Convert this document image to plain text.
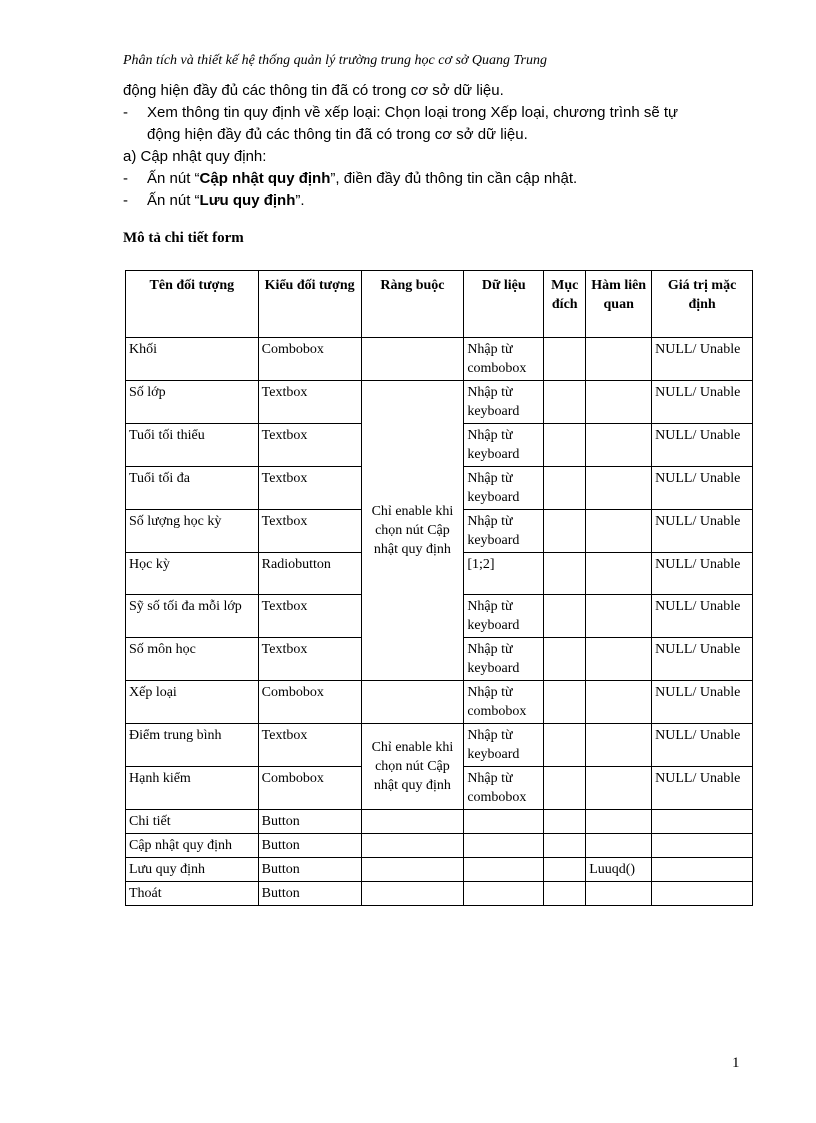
Phân tích và thiết kế hệ thống quản lý trường trung học cơ sở Quang Trung
động hiện đầy đủ các thông tin đã có trong cơ sở dữ liệu.
- Xem thông tin quy định về xếp loại: Chọn loại trong Xếp loại, chương trình sẽ tự
động hiện đầy đủ các thông tin đã có trong cơ sở dữ liệu.
a) Cập nhật quy định:
- Ấn nút “Cập nhật quy định”, điền đầy đủ thông tin cần cập nhật.
- Ấn nút “Lưu quy định”.
Mô tả chi tiết form
Tên đối tượng	Kiểu đối tượng	Ràng buộc	Dữ liệu	Mục đích	Hàm liên quan	Giá trị mặc định
Khối	Combobox		Nhập từ combobox			NULL/ Unable
Số lớp	Textbox	Chỉ enable khi chọn nút Cập nhật quy định	Nhập từ keyboard			NULL/ Unable
Tuổi tối thiểu	Textbox		Nhập từ keyboard			NULL/ Unable
Tuổi tối đa	Textbox		Nhập từ keyboard			NULL/ Unable
Số lượng học kỳ	Textbox		Nhập từ keyboard			NULL/ Unable
Học kỳ	Radiobutton		[1;2]			NULL/ Unable
Sỹ số tối đa mỗi lớp	Textbox		Nhập từ keyboard			NULL/ Unable
Số môn học	Textbox		Nhập từ keyboard			NULL/ Unable
Xếp loại	Combobox		Nhập từ combobox			NULL/ Unable
Điểm trung bình	Textbox	Chỉ enable khi chọn nút Cập nhật quy định	Nhập từ keyboard			NULL/ Unable
Hạnh kiểm	Combobox		Nhập từ combobox			NULL/ Unable
Chi tiết	Button					
Cập nhật quy định	Button					
Lưu quy định	Button				Luuqd()	
Thoát	Button					
1
